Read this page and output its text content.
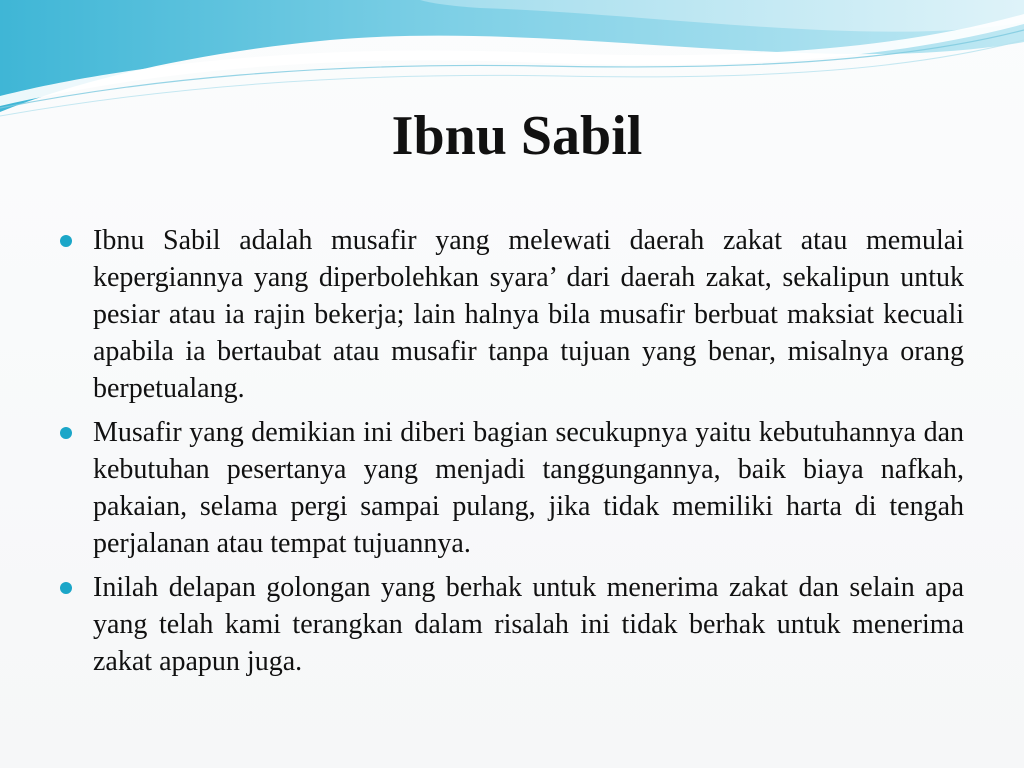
Ibnu Sabil
Ibnu Sabil adalah musafir yang melewati daerah zakat atau memulai kepergiannya yang diperbolehkan syara’ dari daerah zakat, sekalipun untuk pesiar atau ia rajin bekerja; lain halnya bila musafir berbuat maksiat kecuali apabila ia bertaubat atau musafir tanpa tujuan yang benar, misalnya orang berpetualang.
Musafir yang demikian ini diberi bagian secukupnya yaitu kebutuhannya dan kebutuhan pesertanya yang menjadi tanggungannya, baik biaya nafkah, pakaian, selama pergi sampai pulang, jika tidak memiliki harta di tengah perjalanan atau tempat tujuannya.
Inilah delapan golongan yang berhak untuk menerima zakat dan selain apa yang telah kami terangkan dalam risalah ini tidak berhak untuk menerima zakat apapun juga.
